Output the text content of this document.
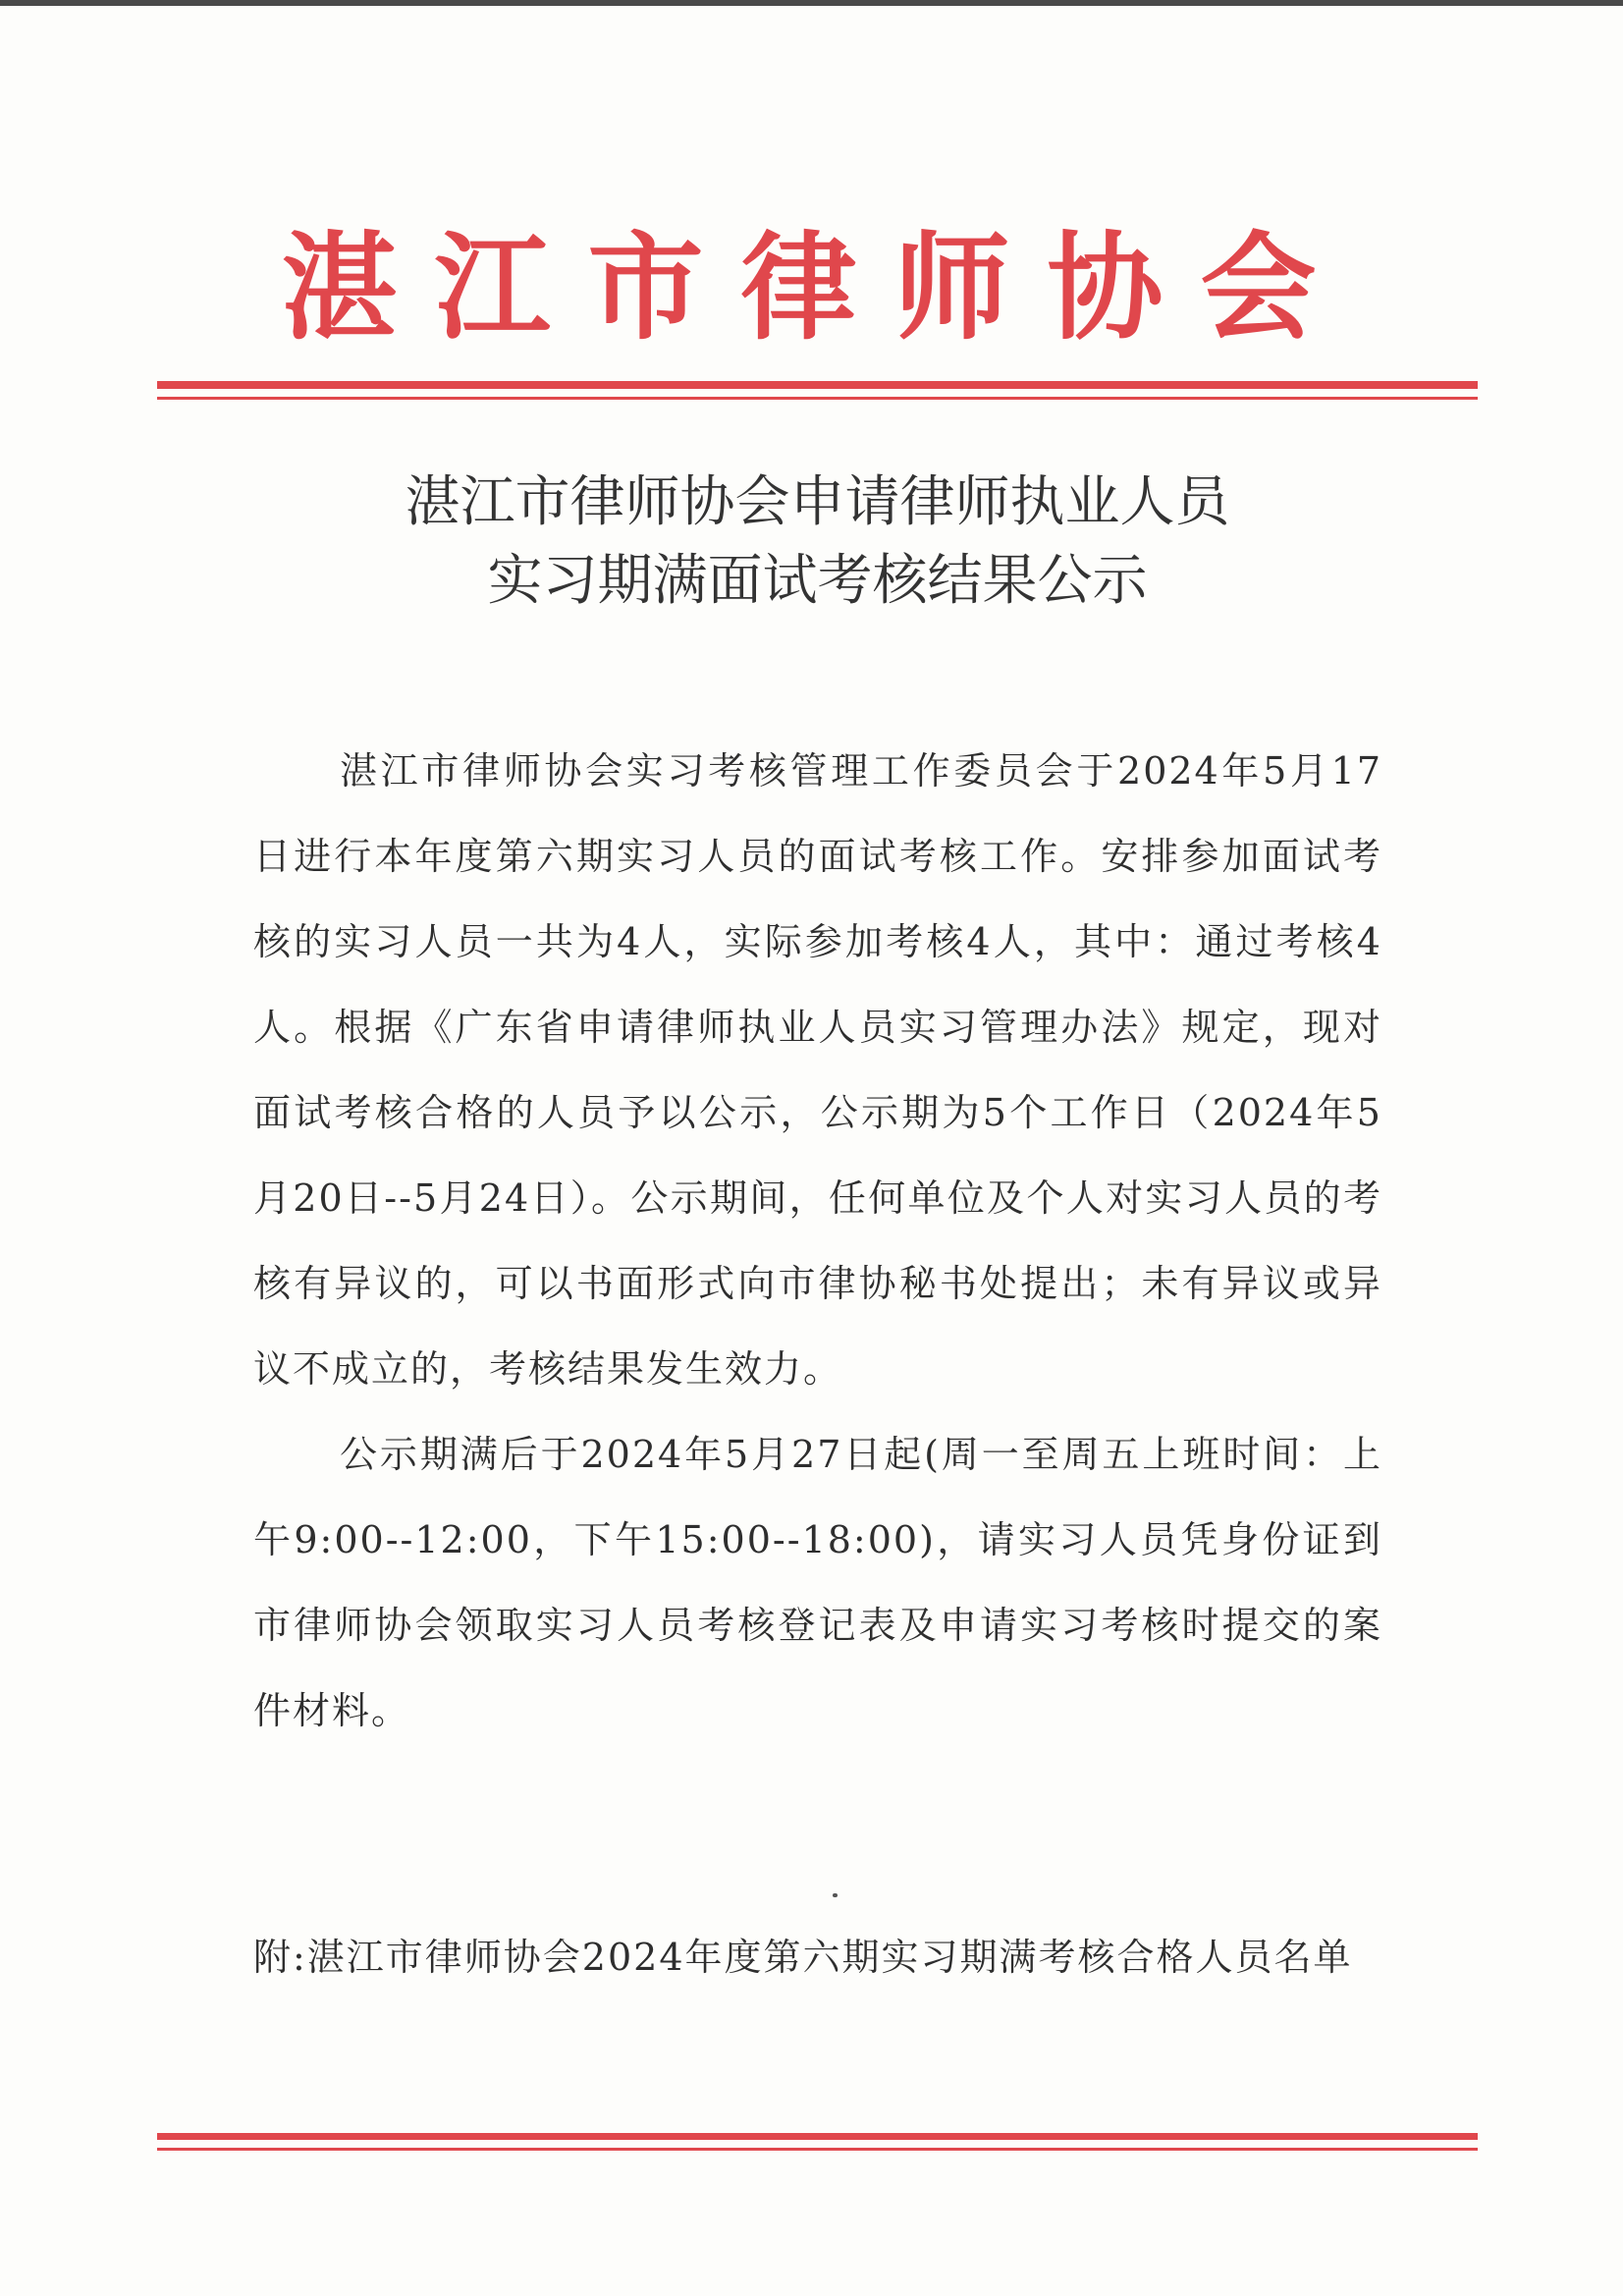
湛江市律师协会
湛江市律师协会申请律师执业人员
实习期满面试考核结果公示

湛江市律师协会实习考核管理工作委员会于2024年5月17日进行本年度第六期实习人员的面试考核工作。安排参加面试考核的实习人员一共为4人，实际参加考核4人，其中：通过考核4人。根据《广东省申请律师执业人员实习管理办法》规定，现对面试考核合格的人员予以公示，公示期为5个工作日（2024年5月20日--5月24日）。公示期间，任何单位及个人对实习人员的考核有异议的，可以书面形式向市律协秘书处提出；未有异议或异议不成立的，考核结果发生效力。

公示期满后于2024年5月27日起(周一至周五上班时间：上午9:00--12:00，下午15:00--18:00)，请实习人员凭身份证到市律师协会领取实习人员考核登记表及申请实习考核时提交的案件材料。

附:湛江市律师协会2024年度第六期实习期满考核合格人员名单
